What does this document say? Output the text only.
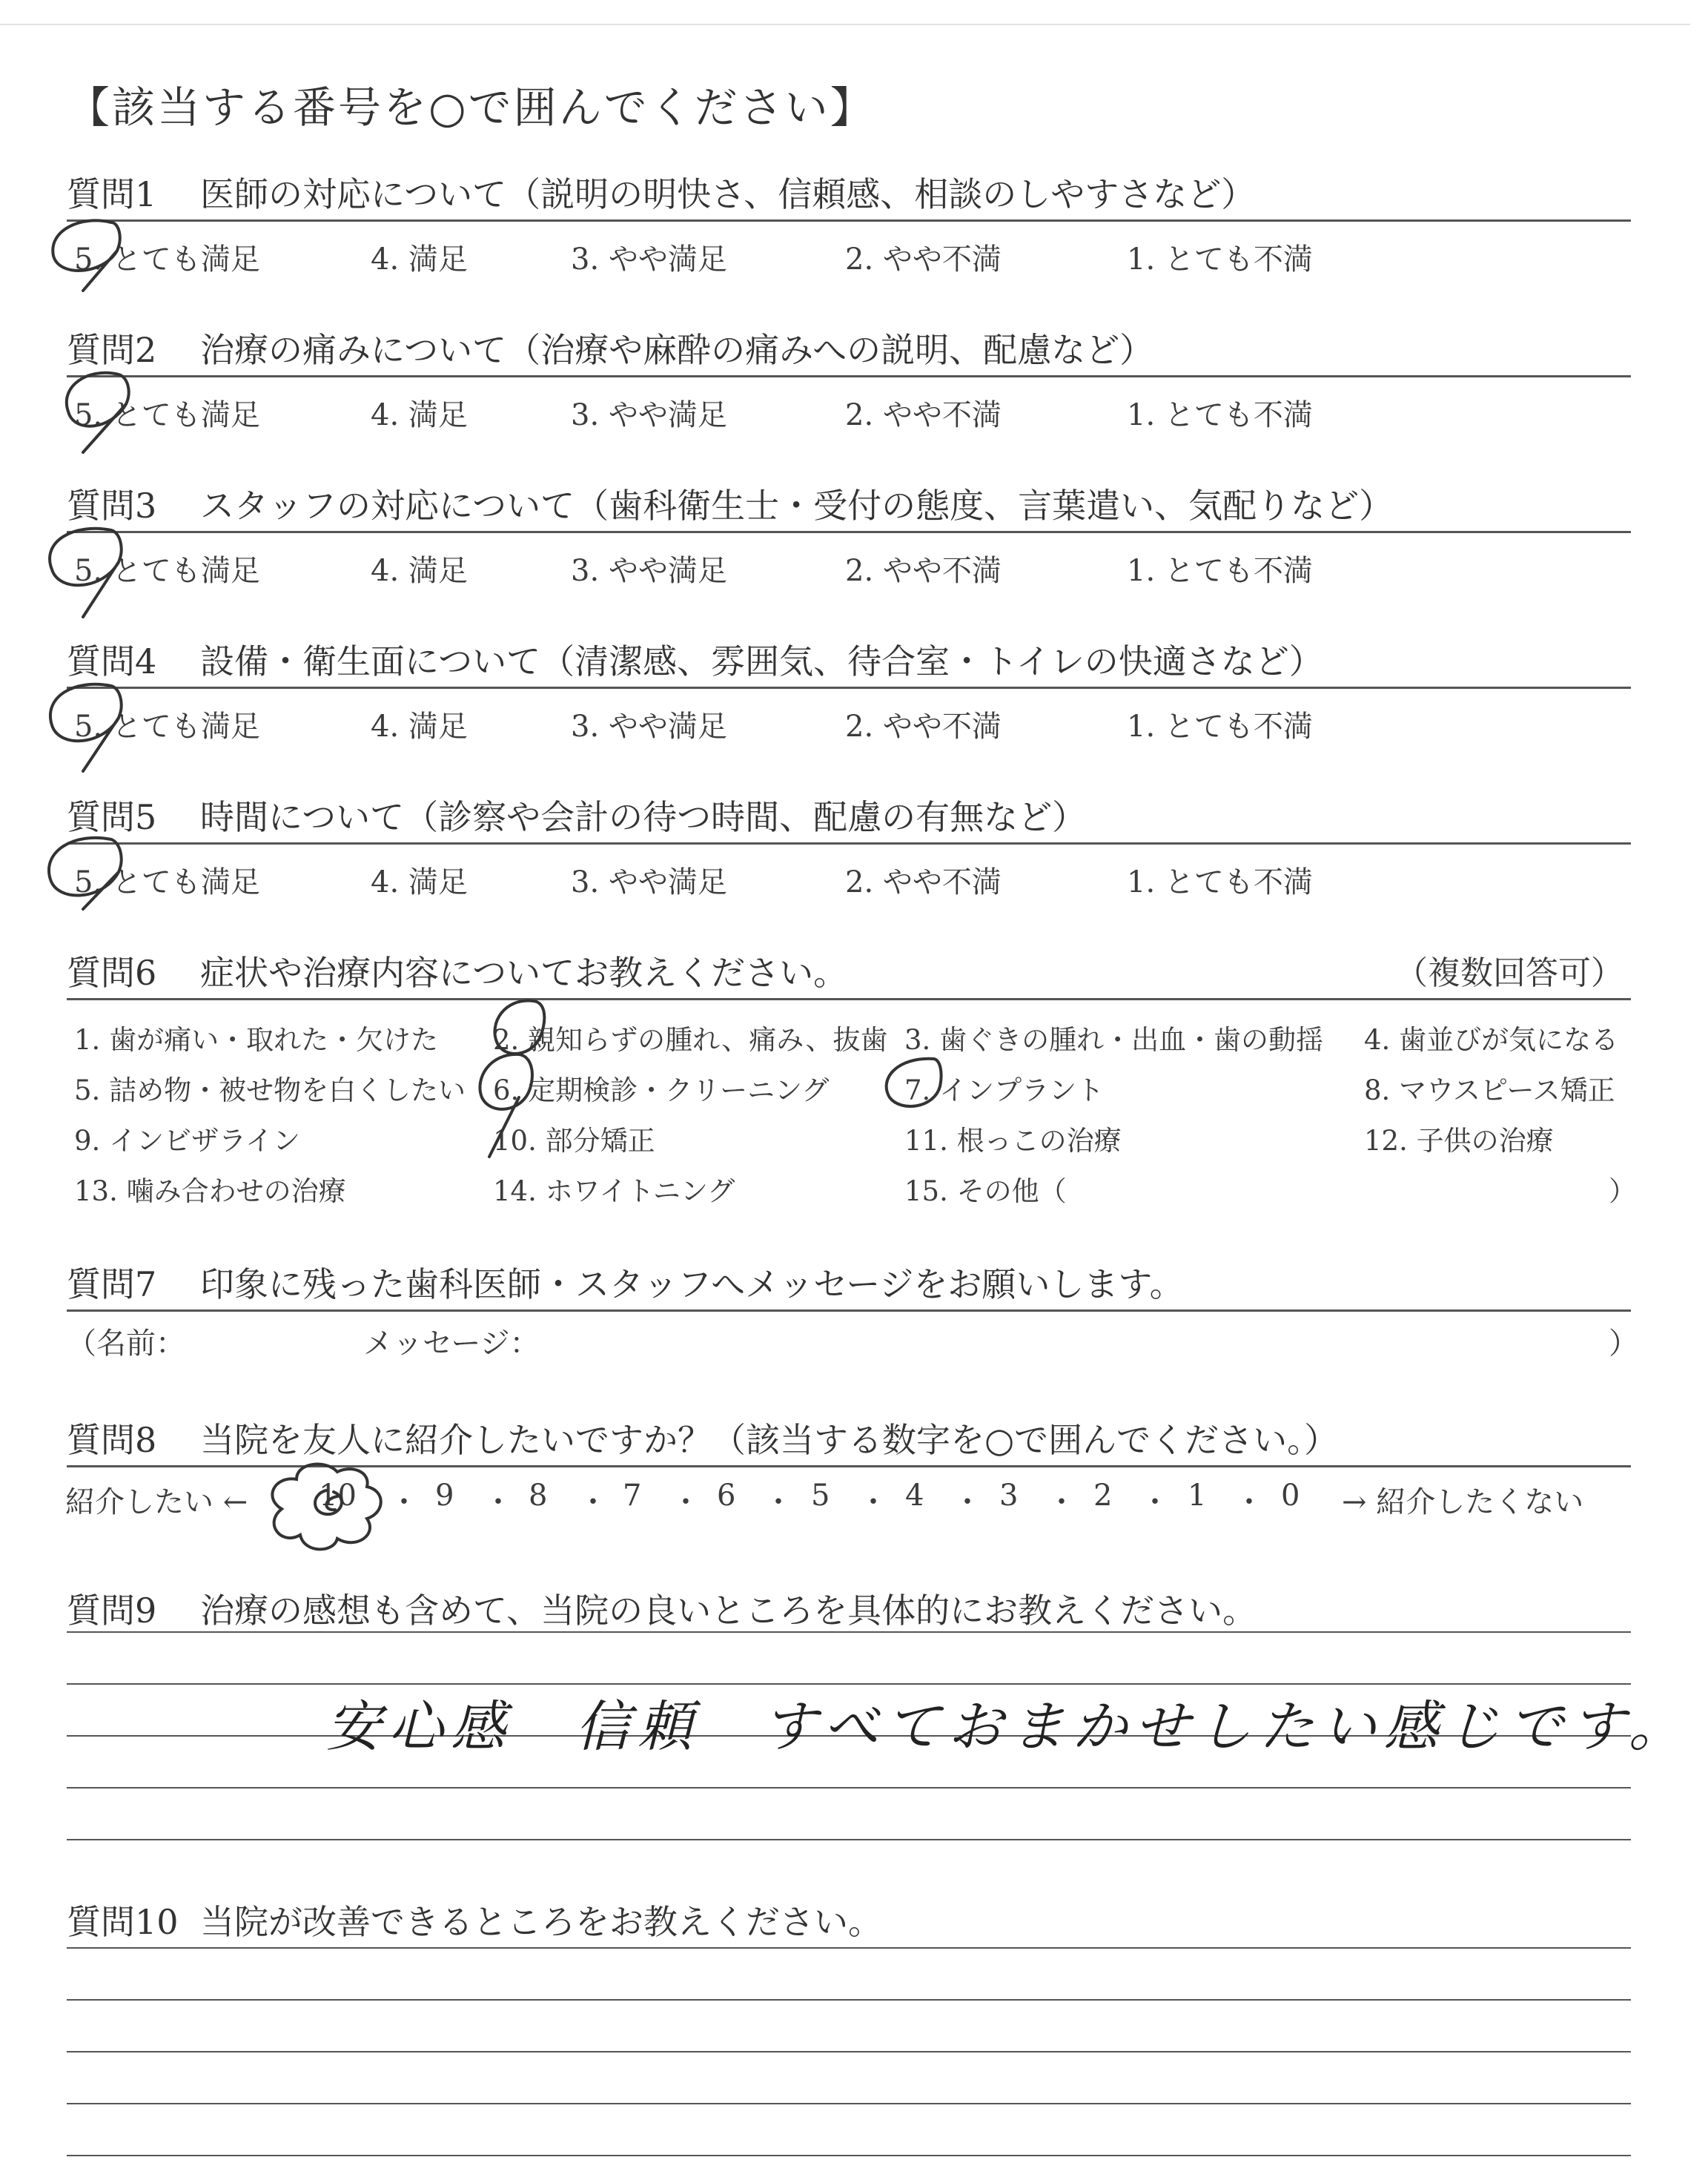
【該当する番号を○で囲んでください】
質問1 医師の対応について（説明の明快さ、信頼感、相談のしやすさなど）
5. とても満足	4. 満足	3. やや満足	2. やや不満	1. とても不満
質問2 治療の痛みについて（治療や麻酔の痛みへの説明、配慮など）
5. とても満足	4. 満足	3. やや満足	2. やや不満	1. とても不満
質問3 スタッフの対応について（歯科衛生士・受付の態度、言葉遣い、気配りなど）
5. とても満足	4. 満足	3. やや満足	2. やや不満	1. とても不満
質問4 設備・衛生面について（清潔感、雰囲気、待合室・トイレの快適さなど）
5. とても満足	4. 満足	3. やや満足	2. やや不満	1. とても不満
質問5 時間について（診察や会計の待つ時間、配慮の有無など）
5. とても満足	4. 満足	3. やや満足	2. やや不満	1. とても不満
質問6 症状や治療内容についてお教えください。	（複数回答可）
1. 歯が痛い・取れた・欠けた 2. 親知らずの腫れ、痛み、抜歯 3. 歯ぐきの腫れ・出血・歯の動揺 4. 歯並びが気になる
5. 詰め物・被せ物を白くしたい 6. 定期検診・クリーニング	7. インプラント	8. マウスピース矯正
9. インビザライン	10. 部分矯正	11. 根っこの治療	12. 子供の治療
13. 噛み合わせの治療	14. ホワイトニング	15. その他（	）
質問7 印象に残った歯科医師・スタッフへメッセージをお願いします。
（名前：	メッセージ：	）
質問8 当院を友人に紹介したいですか？（該当する数字を○で囲んでください。）
紹介したい ← 10 ・ 9 ・ 8 ・ 7 ・ 6 ・ 5 ・ 4 ・ 3 ・ 2 ・ 1 ・ 0 → 紹介したくない
質問9 治療の感想も含めて、当院の良いところを具体的にお教えください。
安心感　信頼　すべておまかせしたい感じです。
質問10 当院が改善できるところをお教えください。
